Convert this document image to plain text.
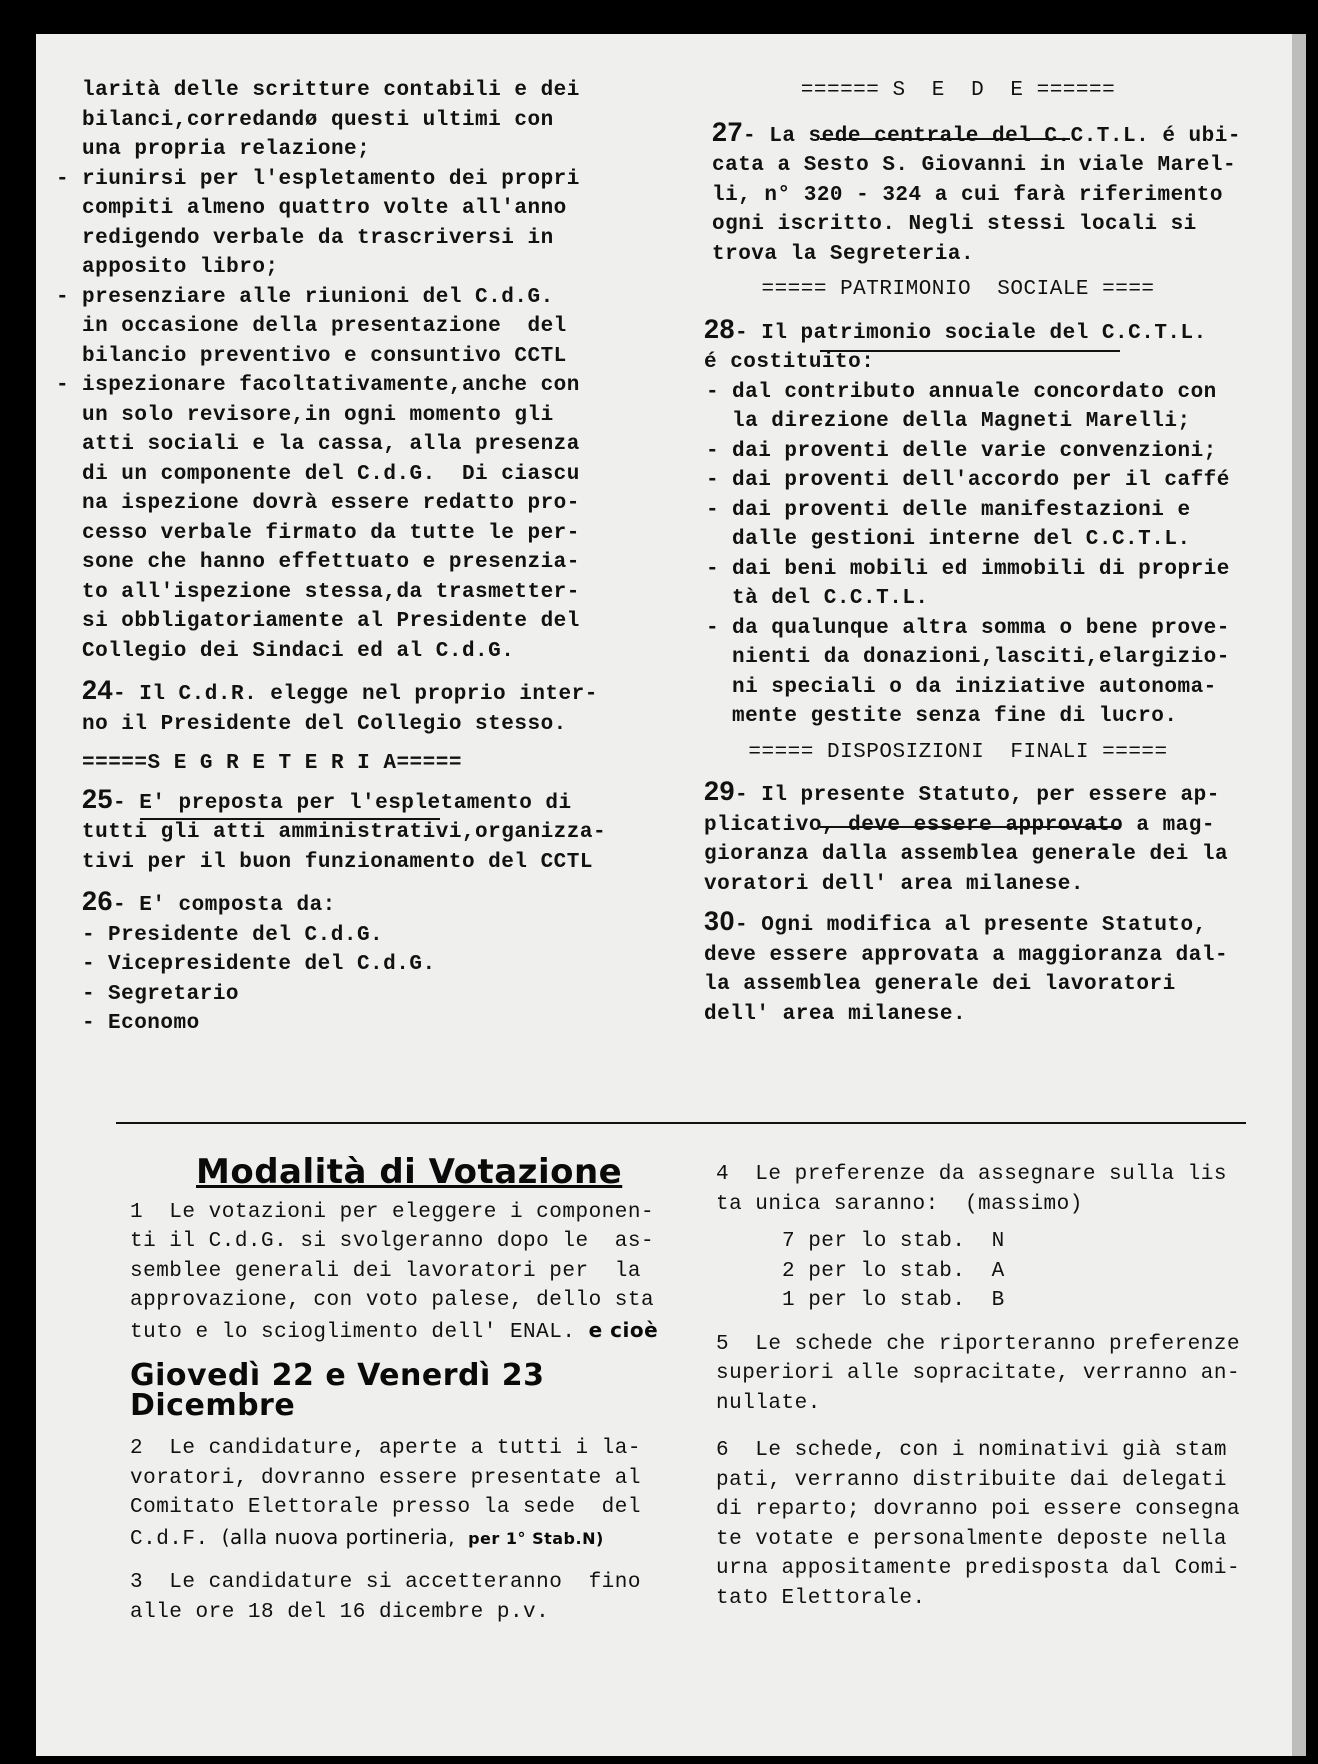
larità delle scritture contabili e dei
bilanci,corredandø questi ultimi con
una propria relazione;
- riunirsi per l'espletamento dei propri
compiti almeno quattro volte all'anno
redigendo verbale da trascriversi in
apposito libro;
- presenziare alle riunioni del C.d.G.
in occasione della presentazione  del
bilancio preventivo e consuntivo CCTL
- ispezionare facoltativamente,anche con
un solo revisore,in ogni momento gli
atti sociali e la cassa, alla presenza
di un componente del C.d.G.  Di ciascu
na ispezione dovrà essere redatto pro-
cesso verbale firmato da tutte le per-
sone che hanno effettuato e presenzia-
to all'ispezione stessa,da trasmetter-
si obbligatoriamente al Presidente del
Collegio dei Sindaci ed al C.d.G.
24- Il C.d.R. elegge nel proprio inter-
no il Presidente del Collegio stesso.
=====S E G R E T E R I A=====
25- E' preposta per l'espletamento di
tutti gli atti amministrativi,organizza-
tivi per il buon funzionamento del CCTL
26- E' composta da:
- Presidente del C.d.G.
- Vicepresidente del C.d.G.
- Segretario
- Economo
====== S  E  D  E ======
27- La sede centrale del C.C.T.L. é ubi-
cata a Sesto S. Giovanni in viale Marel-
li, n° 320 - 324 a cui farà riferimento
ogni iscritto. Negli stessi locali si
trova la Segreteria.
===== PATRIMONIO  SOCIALE ====
28- Il patrimonio sociale del C.C.T.L.
é costituito:
- dal contributo annuale concordato con
la direzione della Magneti Marelli;
- dai proventi delle varie convenzioni;
- dai proventi dell'accordo per il caffé
- dai proventi delle manifestazioni e
dalle gestioni interne del C.C.T.L.
- dai beni mobili ed immobili di proprie
tà del C.C.T.L.
- da qualunque altra somma o bene prove-
nienti da donazioni,lasciti,elargizio-
ni speciali o da iniziative autonoma-
mente gestite senza fine di lucro.
===== DISPOSIZIONI  FINALI =====
29- Il presente Statuto, per essere ap-
plicativo, deve essere approvato a mag-
gioranza dalla assemblea generale dei la
voratori dell' area milanese.
30- Ogni modifica al presente Statuto,
deve essere approvata a maggioranza dal-
la assemblea generale dei lavoratori
dell' area milanese.
Modalità di Votazione
1  Le votazioni per eleggere i componen-
ti il C.d.G. si svolgeranno dopo le  as-
semblee generali dei lavoratori per  la
approvazione, con voto palese, dello sta
tuto e lo scioglimento dell' ENAL. e cioè
Giovedì 22 e Venerdì 23 Dicembre
2  Le candidature, aperte a tutti i la-
voratori, dovranno essere presentate al
Comitato Elettorale presso la sede  del
C.d.F. (alla nuova portineria, per 1° Stab.N)
3  Le candidature si accetteranno  fino
alle ore 18 del 16 dicembre p.v.
4  Le preferenze da assegnare sulla lis
ta unica saranno:  (massimo)
7 per lo stab.  N
2 per lo stab.  A
1 per lo stab.  B
5  Le schede che riporteranno preferenze
superiori alle sopracitate, verranno an-
nullate.
6  Le schede, con i nominativi già stam
pati, verranno distribuite dai delegati
di reparto; dovranno poi essere consegna
te votate e personalmente deposte nella
urna appositamente predisposta dal Comi-
tato Elettorale.
